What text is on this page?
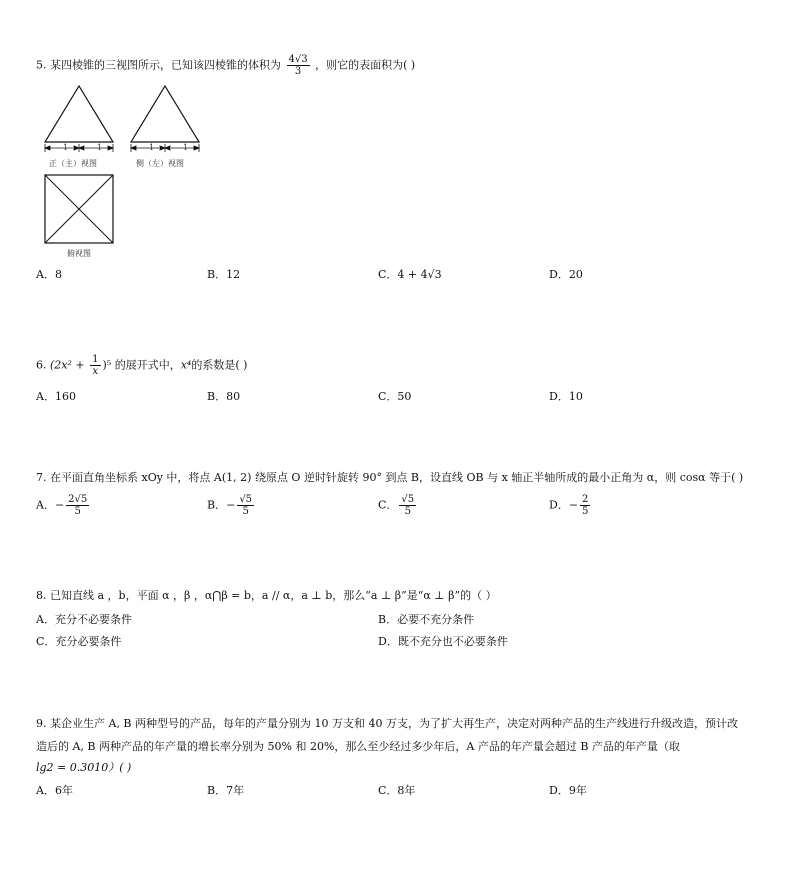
5. 某四棱锥的三视图所示，已知该四棱锥的体积为 $\frac{4√3}{3}$ ，则它的表面积为( )
1	1	1	1
正（主）视图	侧（左）视图
俯视图
A．8	B．12	C．4 + 4√3	D．20
6. $(2x^2 + \frac{1}{x} )^5$ 的展开式中，x⁴的系数是( )
A．160	B．80	C．50	D．10
7. 在平面直角坐标系 xOy 中，将点 A(1, 2) 绕原点 O 逆时针旋转 90° 到点 B，设直线 OB 与 x 轴正半轴所成的最小正角为 α，则 cosα 等于( )
A．− $\frac{2√5}{5}$	B．− $\frac{√5}{5}$	C． $\frac{√5}{5}$	D．− $\frac{2}{5}$
8. 已知直线 a ，b，平面 α ，β ，α⋂β = b，a // α，a ⊥ b，那么“a ⊥ β”是“α ⊥ β”的（ ）
A．充分不必要条件	B．必要不充分条件
C．充分必要条件	D．既不充分也不必要条件
9. 某企业生产 A, B 两种型号的产品，每年的产量分别为 10 万支和 40 万支，为了扩大再生产，决定对两种产品的生产线进行升级改造，预计改
造后的 A, B 两种产品的年产量的增长率分别为 50% 和 20%，那么至少经过多少年后，A 产品的年产量会超过 B 产品的年产量（取
lg2 = 0.3010）( )
A．6年	B．7年	C．8年	D．9年
